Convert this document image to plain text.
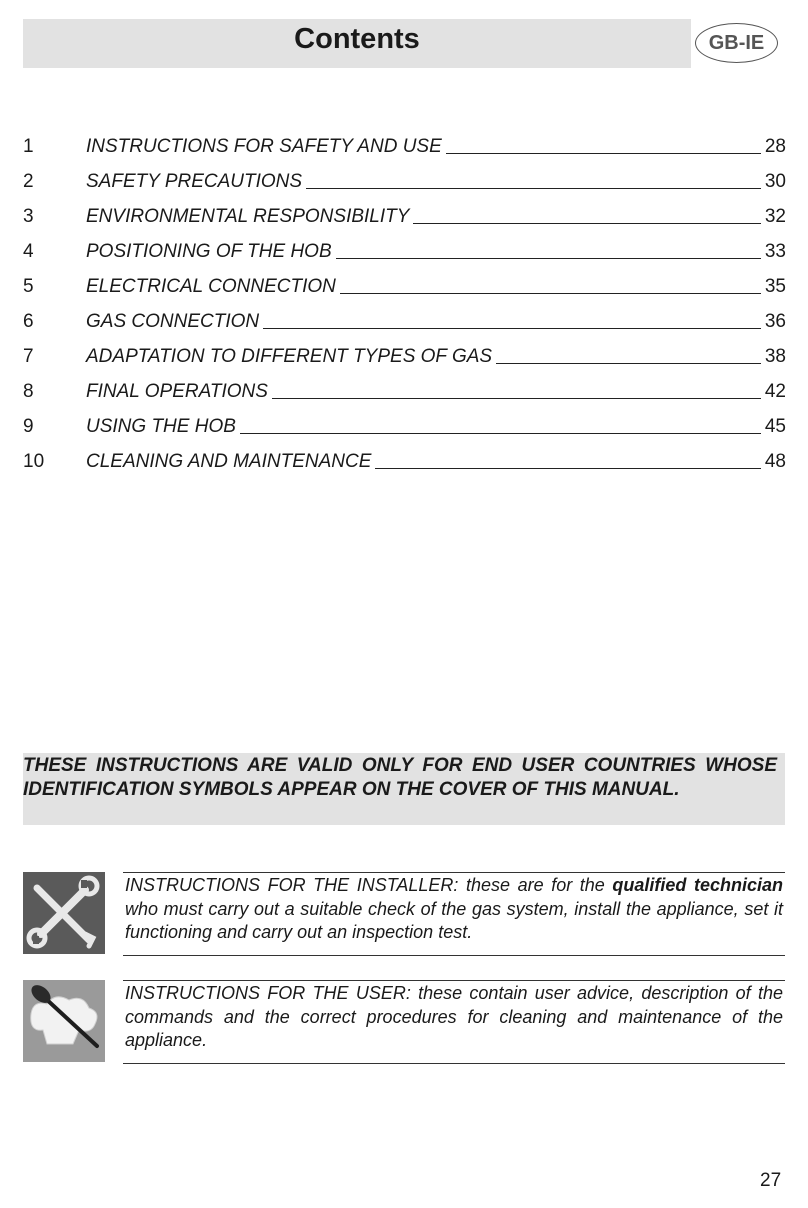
Contents	GB-IE
1	INSTRUCTIONS FOR SAFETY AND USE	28
2	SAFETY PRECAUTIONS	30
3	ENVIRONMENTAL RESPONSIBILITY	32
4	POSITIONING OF THE HOB	33
5	ELECTRICAL CONNECTION	35
6	GAS CONNECTION	36
7	ADAPTATION TO DIFFERENT TYPES OF GAS	38
8	FINAL OPERATIONS	42
9	USING THE HOB	45
10	CLEANING AND MAINTENANCE	48
THESE INSTRUCTIONS ARE VALID ONLY FOR END USER COUNTRIES WHOSE IDENTIFICATION SYMBOLS APPEAR ON THE COVER OF THIS MANUAL.
INSTRUCTIONS FOR THE INSTALLER: these are for the qualified technician who must carry out a suitable check of the gas system, install the appliance, set it functioning and carry out an inspection test.
INSTRUCTIONS FOR THE USER: these contain user advice, description of the commands and the correct procedures for cleaning and maintenance of the appliance.
27
